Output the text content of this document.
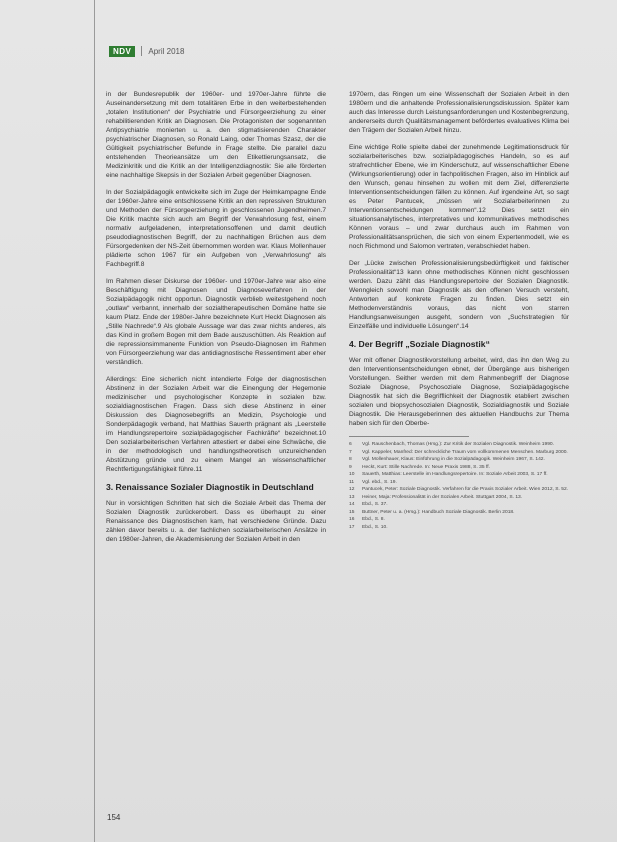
NDV	April 2018

in der Bundesrepublik der 1960er- und 1970er-Jahre führte die Auseinandersetzung mit dem totalitären Erbe in den weiterbestehenden „totalen Institutionen“ der Psychiatrie und Fürsorgeerziehung zu einer rehabilitierenden Kritik an Diagnosen. Die Protagonisten der sogenannten Antipsychiatrie monierten u. a. den stigmatisierenden Charakter psychiatrischer Diagnosen, so Ronald Laing, oder Thomas Szasz, der die Gültigkeit psychiatrischer Befunde in Frage stellte. Die parallel dazu entstehenden Theorieansätze um den Etikettierungsansatz, die Medizinkritik und die Kritik an der Intelligenzdiagnostik: Sie alle förderten eine nachhaltige Skepsis in der Sozialen Arbeit gegenüber Diagnosen.

In der Sozialpädagogik entwickelte sich im Zuge der Heimkampagne Ende der 1960er-Jahre eine entschlossene Kritik an den repressiven Strukturen und Methoden der Fürsorgeerziehung in geschlossenen Jugendheimen.7 Die Kritik machte sich auch am Begriff der Verwahrlosung fest, einem normativ aufgeladenen, interpretationsoffenen und damit deutlich pseudodiagnostischen Begriff, der zu nachhaltigen Brüchen aus dem Fürsorgedenken der NS-Zeit übernommen worden war. Klaus Mollenhauer plädierte schon 1967 für ein Aufgeben von „Verwahrlosung“ als Fachbegriff.8

Im Rahmen dieser Diskurse der 1960er- und 1970er-Jahre war also eine Beschäftigung mit Diagnosen und Diagnoseverfahren in der Sozialpädagogik nicht opportun. Diagnostik verblieb weitestgehend noch „outlaw“ verbannt, innerhalb der sozialtherapeutischen Domäne hatte sie kaum Platz. Ende der 1980er-Jahre bezeichnete Kurt Heckt Diagnosen als „Stille Nachrede“.9 Als globale Aussage war das zwar nichts anderes, als das Kind in großem Bogen mit dem Bade auszuschütten. Als Reaktion auf die repressionsimmanente Funktion von Pseudo-Diagnosen im Rahmen von Fürsorgeerziehung war das antidiagnostische Ressentiment aber eher verständlich.

Allerdings: Eine sicherlich nicht intendierte Folge der diagnostischen Abstinenz in der Sozialen Arbeit war die Einengung der Hegemonie medizinischer und psychologischer Konzepte in sozialen bzw. sozialdiagnostischen Fragen. Dass sich diese Abstinenz in einer Diskussion des Diagnosebegriffs an Medizin, Psychologie und Sonderpädagogik verband, hat Matthias Sauerth prägnant als „Leerstelle im Handlungsrepertoire sozialpädagogischer Fachkräfte“ bezeichnet.10 Den sozialarbeiterischen Verfahren attestiert er dabei eine Schwäche, die in der methodologisch und handlungstheoretisch unzureichenden Abstützung gründe und zu einem Mangel an wissenschaftlicher Rechtfertigungsfähigkeit führe.11

3. Renaissance Sozialer Diagnostik in Deutschland

Nur in vorsichtigen Schritten hat sich die Soziale Arbeit das Thema der Sozialen Diagnostik zurückerobert. Dass es überhaupt zu einer Renaissance des Diagnostischen kam, hat verschiedene Gründe. Dazu zählen davor bereits u. a. der fachlichen sozialarbeiterischen Ansätze in den 1980er-Jahren, die Akademisierung der Sozialen Arbeit in den

1970ern, das Ringen um eine Wissenschaft der Sozialen Arbeit in den 1980ern und die anhaltende Professionalisierungsdiskussion. Später kam auch das Interesse durch Leistungsanforderungen und Kostenbegrenzung, andererseits durch Qualitätsmanagement befördertes evaluatives Klima bei den Trägern der Sozialen Arbeit hinzu.

Eine wichtige Rolle spielte dabei der zunehmende Legitimationsdruck für sozialarbeiterisches bzw. sozialpädagogisches Handeln, so es auf strafrechtlicher Ebene, wie im Kinderschutz, auf wissenschaftlicher Ebene (Wirkungsorientierung) oder in fachpolitischen Fragen, also im Hinblick auf den Wunsch, genau hinsehen zu wollen mit dem Ziel, differenzierte Interventionsentscheidungen fällen zu können. Auf irgendeine Art, so sagt es Peter Pantucek, „müssen wir Sozialarbeiterinnen zu Interventionsentscheidungen kommen“.12 Dies setzt ein situationsanalytisches, interpretatives und kommunikatives methodisches Können voraus – und zwar durchaus auch im Rahmen von Professionalitätsansprüchen, die sich von einem Expertenmodell, wie es noch Richmond und Salomon vertraten, verabschiedet haben.

Der „Lücke zwischen Professionalisierungsbedürftigkeit und faktischer Professionalität“13 kann ohne methodisches Können nicht geschlossen werden. Dazu zählt das Handlungsrepertoire der Sozialen Diagnostik. Wenngleich sowohl man Diagnostik als den offenen Versuch versteht, Antworten auf konkrete Fragen zu finden. Dies setzt ein Methodenverständnis voraus, das nicht von starren Handlungsanweisungen ausgeht, sondern von „Suchstrategien für Einzelfälle und individuelle Lösungen“.14

4. Der Begriff „Soziale Diagnostik“

Wer mit offener Diagnostikvorstellung arbeitet, wird, das ihn den Weg zu den Interventionsentscheidungen ebnet, der Übergänge aus bisherigen Vorstellungen. Seither werden mit dem Rahmenbegriff der Diagnose Soziale Diagnose, Psychosoziale Diagnose, Sozialpädagogische Diagnostik hat sich die Begrifflichkeit der Diagnostik etabliert zwischen sozialen und biopsychosozialen Diagnostik, Sozialdiagnostik und Soziale Diagnostik. Die Herausgeberinnen des aktuellen Handbuchs zur Thema haben sich für den Oberbe-

6	Vgl. Rauschenbach, Thomas (Hrsg.): Zur Kritik der Sozialen Diagnostik. Weinheim 1990.
7	Vgl. Kappeler, Manfred: Der schreckliche Traum vom vollkommenen Menschen. Marburg 2000.
8	Vgl. Mollenhauer, Klaus: Einführung in die Sozialpädagogik. Weinheim 1967, S. 142.
9	Heckt, Kurt: Stille Nachrede. In: Neue Praxis 1988, S. 35 ff.
10	Sauerth, Matthias: Leerstelle im Handlungsrepertoire. In: Soziale Arbeit 2003, S. 17 ff.
11	Vgl. ebd., S. 19.
12	Pantucek, Peter: Soziale Diagnostik. Verfahren für die Praxis Sozialer Arbeit. Wien 2012, S. 52.
13	Heiner, Maja: Professionalität in der Sozialen Arbeit. Stuttgart 2004, S. 13.
14	Ebd., S. 37.
15	Buttner, Peter u. a. (Hrsg.): Handbuch Soziale Diagnostik. Berlin 2018.
16	Ebd., S. 8.
17	Ebd., S. 10.
154
